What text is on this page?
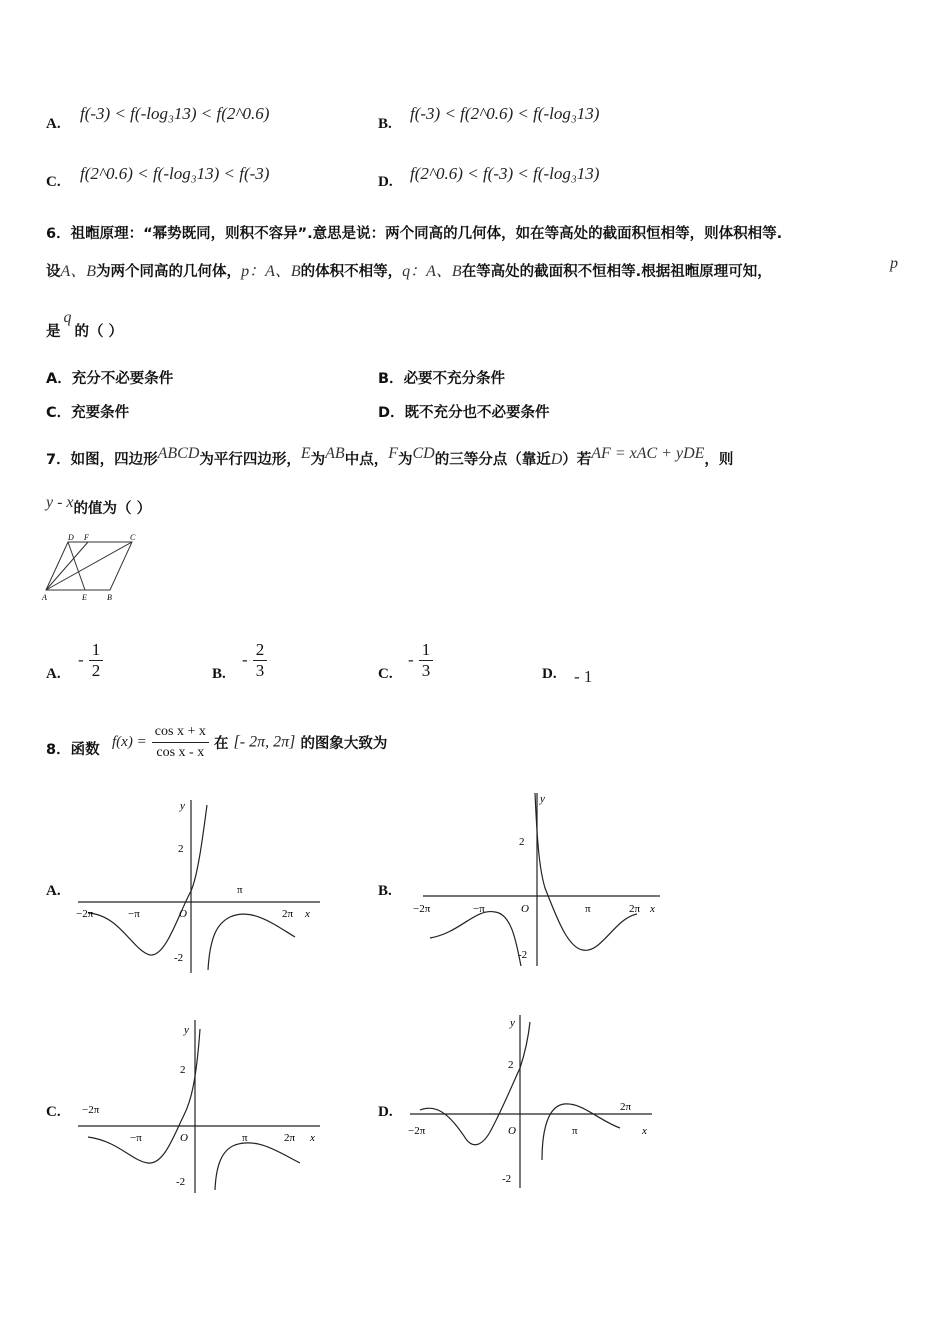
A.
f(-3) < f(-log₃13) < f(2^0.6)
B.
f(-3) < f(2^0.6) < f(-log₃13)
C. f(2^0.6) < f(-log₃13) < f(-3)	D. f(2^0.6) < f(-3) < f(-log₃13)
6．祖暅原理：“幂势既同，则积不容异”.意思是说：两个同高的几何体，如在等高处的截面积恒相等，则体积相等.
设A、B为两个同高的几何体，p：A、B的体积不相等，q：A、B在等高处的截面积不恒相等.根据祖暅原理可知，	p
是q的（ ）
A．充分不必要条件	B．必要不充分条件
C．充要条件	D．既不充分也不必要条件
7．如图，四边形ABCD为平行四边形，E为AB中点，F为CD的三等分点（靠近D）若AF = xAC + yDE，则
y - x的值为（ ）
D F	C
A	E	B
A.
- $\frac{1}{2}$	B.
- $\frac{2}{3}$	C.
- $\frac{1}{3}$	D. - 1
8．函数 $f(x) = \frac{\text{cos x + x}}{\text{cos x - x}}$ 在 [- 2π, 2π] 的图象大致为
A.	B.
C.	D.
y
x
O
2
-2
−2π	−π
π
2π
y
x
O
2
-2
−2π	−π	π	2π
y
x
O
2
-2
−2π
−π	π	2π
y
x
O
2
-2
−2π	π
2π
